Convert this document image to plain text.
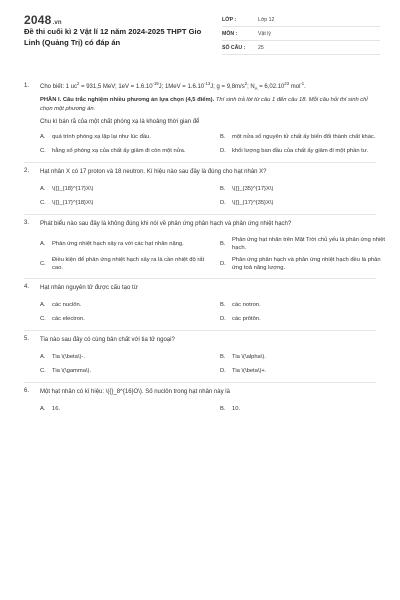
2048.vn
Đề thi cuối kì 2 Vật lí 12 năm 2024-2025 THPT Gio Linh (Quảng Trị) có đáp án
LỚP :	Lớp 12
MÔN :	Vật lý
SỐ CÂU :	25
1.	Cho biết: 1 $uc^2 = 931,5$ MeV; $1eV = 1.6.10^{-19}J$; $1MeV = 1.6.10^{-13}J$; $g = 9,8m/s^2$; $N_A = 6,02.10^{23}$ mol$^{-1}$.
PHẦN I. Câu trắc nghiệm nhiều phương án lựa chọn (4,5 điểm). Thí sinh trả lời từ câu 1 đến câu 18. Mỗi câu hỏi thí sinh chỉ chọn một phương án.
Chu kì bán rã của một chất phóng xạ là khoảng thời gian để
A.	quá trình phóng xạ lặp lại như lúc đầu.	B.	một nửa số nguyên tử chất ấy biến đổi thành chất khác.
C.	hằng số phóng xạ của chất ấy giảm đi còn một nửa.	D.	khối lượng ban đầu của chất ấy giảm đi một phần tư.
2.	Hạt nhân X có 17 proton và 18 neutron. Kí hiệu nào sau đây là đúng cho hạt nhân X?
A.	\({}_{18}^{17}X\)	B.	\({}_{35}^{17}X\)
C.	\({}_{17}^{18}X\)	D.	\({}_{17}^{35}X\)
3.	Phát biểu nào sau đây là không đúng khi nói về phản ứng phân hạch và phản ứng nhiệt hạch?
A.	Phản ứng nhiệt hạch xảy ra với các hạt nhân nặng.	B.
Phản ứng hạt nhân trên Mặt Trời chủ yếu là phản ứng nhiệt hạch.
C.
Điều kiện để phản ứng nhiệt hạch xảy ra là cần nhiệt độ rất cao.
D.
Phản ứng phân hạch và phản ứng nhiệt hạch đều là phản ứng toả năng lượng.
4.	Hạt nhân nguyên tử được cấu tạo từ
A.	các nuclôn.	B.	các notron.
C.	các electron.	D.	các prôtôn.
5.	Tia nào sau đây có cùng bản chất với tia tử ngoại?
A.	Tia \(\beta\)-.	B.	Tia \(\alpha\).
C.	Tia \(\gamma\).	D.	Tia \(\beta\)+.
6.	Một hạt nhân có kí hiệu: \({}_8^{16}O\). Số nuclôn trong hạt nhân này là
A.	16.	B.	10.
